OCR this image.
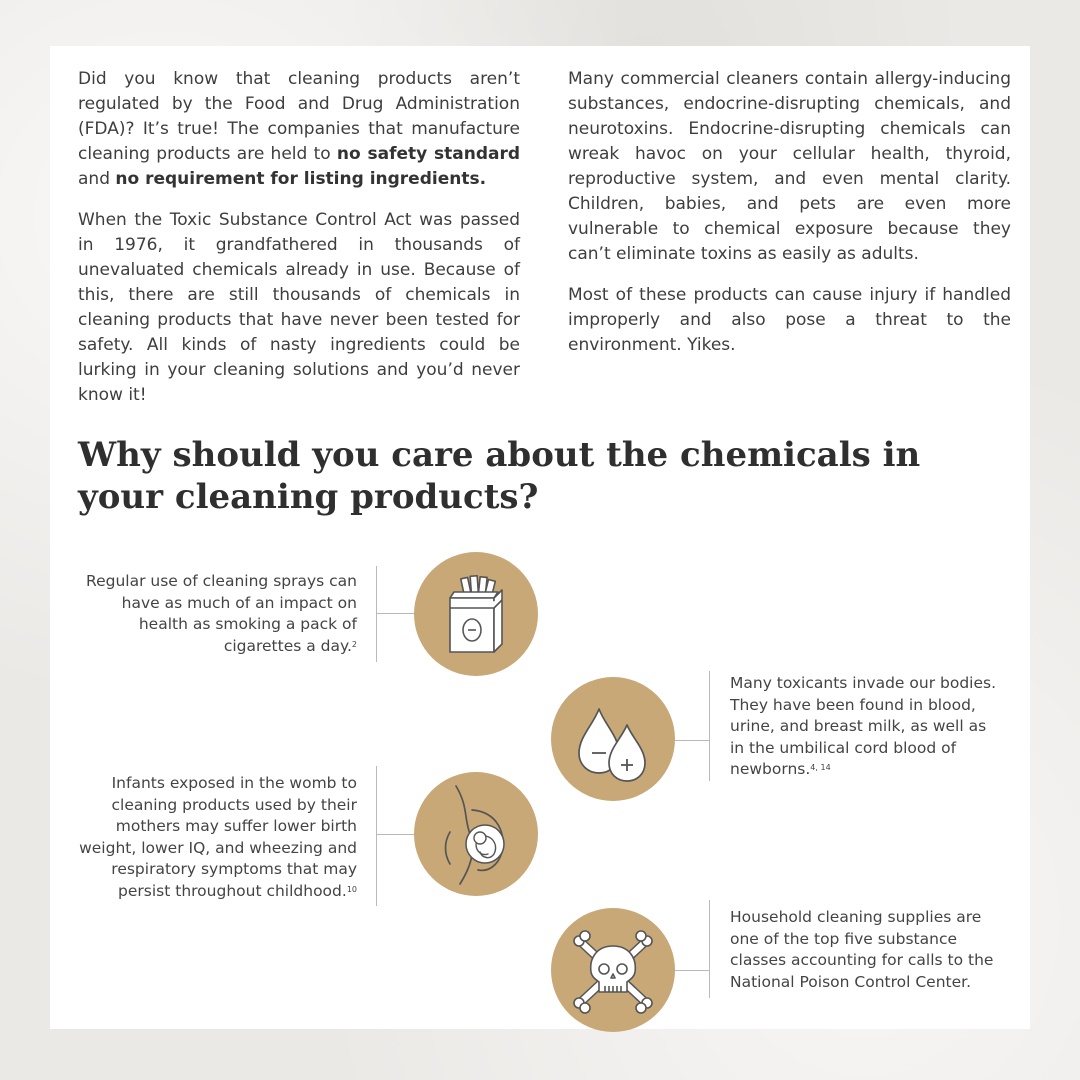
Did you know that cleaning products aren’t regulated by the Food and Drug Administration (FDA)? It’s true! The companies that manufacture cleaning products are held to no safety standard and no requirement for listing ingredients.

When the Toxic Substance Control Act was passed in 1976, it grandfathered in thousands of unevaluated chemicals already in use. Because of this, there are still thousands of chemicals in cleaning products that have never been tested for safety. All kinds of nasty ingredients could be lurking in your cleaning solutions and you’d never know it!

Many commercial cleaners contain allergy-inducing substances, endocrine-disrupting chemicals, and neurotoxins. Endocrine-disrupting chemicals can wreak havoc on your cellular health, thyroid, reproductive system, and even mental clarity. Children, babies, and pets are even more vulnerable to chemical exposure because they can’t eliminate toxins as easily as adults.

Most of these products can cause injury if handled improperly and also pose a threat to the environment. Yikes.

Why should you care about the chemicals in your cleaning products?
Regular use of cleaning sprays can have as much of an impact on health as smoking a pack of cigarettes a day.$^2$
Many toxicants invade our bodies. They have been found in blood, urine, and breast milk, as well as in the umbilical cord blood of newborns.$^{4, 14}$
Infants exposed in the womb to cleaning products used by their mothers may suffer lower birth weight, lower IQ, and wheezing and respiratory symptoms that may persist throughout childhood.$^{10}$
Household cleaning supplies are one of the top five substance classes accounting for calls to the National Poison Control Center.
